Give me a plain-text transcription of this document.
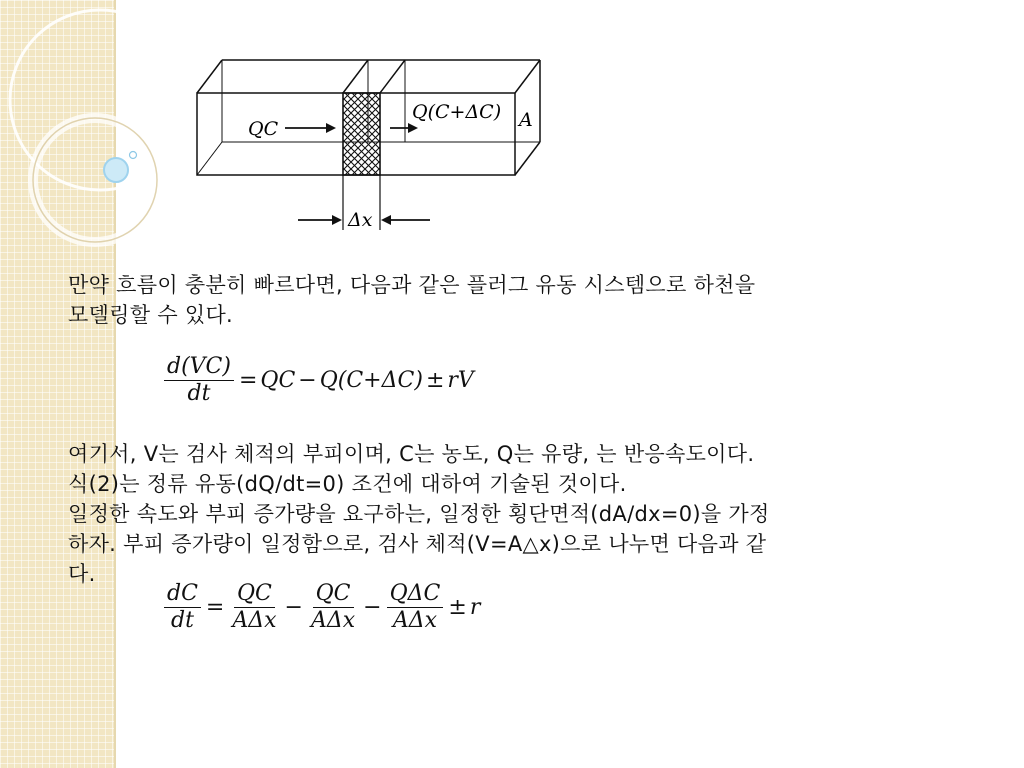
QC
Q(C+ΔC) A
Δx
만약 흐름이 충분히 빠르다면, 다음과 같은 플러그 유동 시스템으로 하천을
모델링할 수 있다.
$\frac{d(VC)}{dt}$ = QC − Q(C+ΔC) ± rV
여기서, V는 검사 체적의 부피이며, C는 농도, Q는 유량, 는 반응속도이다.
식(2)는 정류 유동(dQ/dt=0) 조건에 대하여 기술된 것이다.
일정한 속도와 부피 증가량을 요구하는, 일정한 횡단면적(dA/dx=0)을 가정
하자. 부피 증가량이 일정함으로, 검사 체적(V=A△x)으로 나누면 다음과 같
다.
$\frac{dC}{dt} = \frac{QC}{\text{AΔx}} - \frac{QC}{\text{AΔx}} - \frac{\text{QΔC}}{\text{AΔx}} \pm r$
